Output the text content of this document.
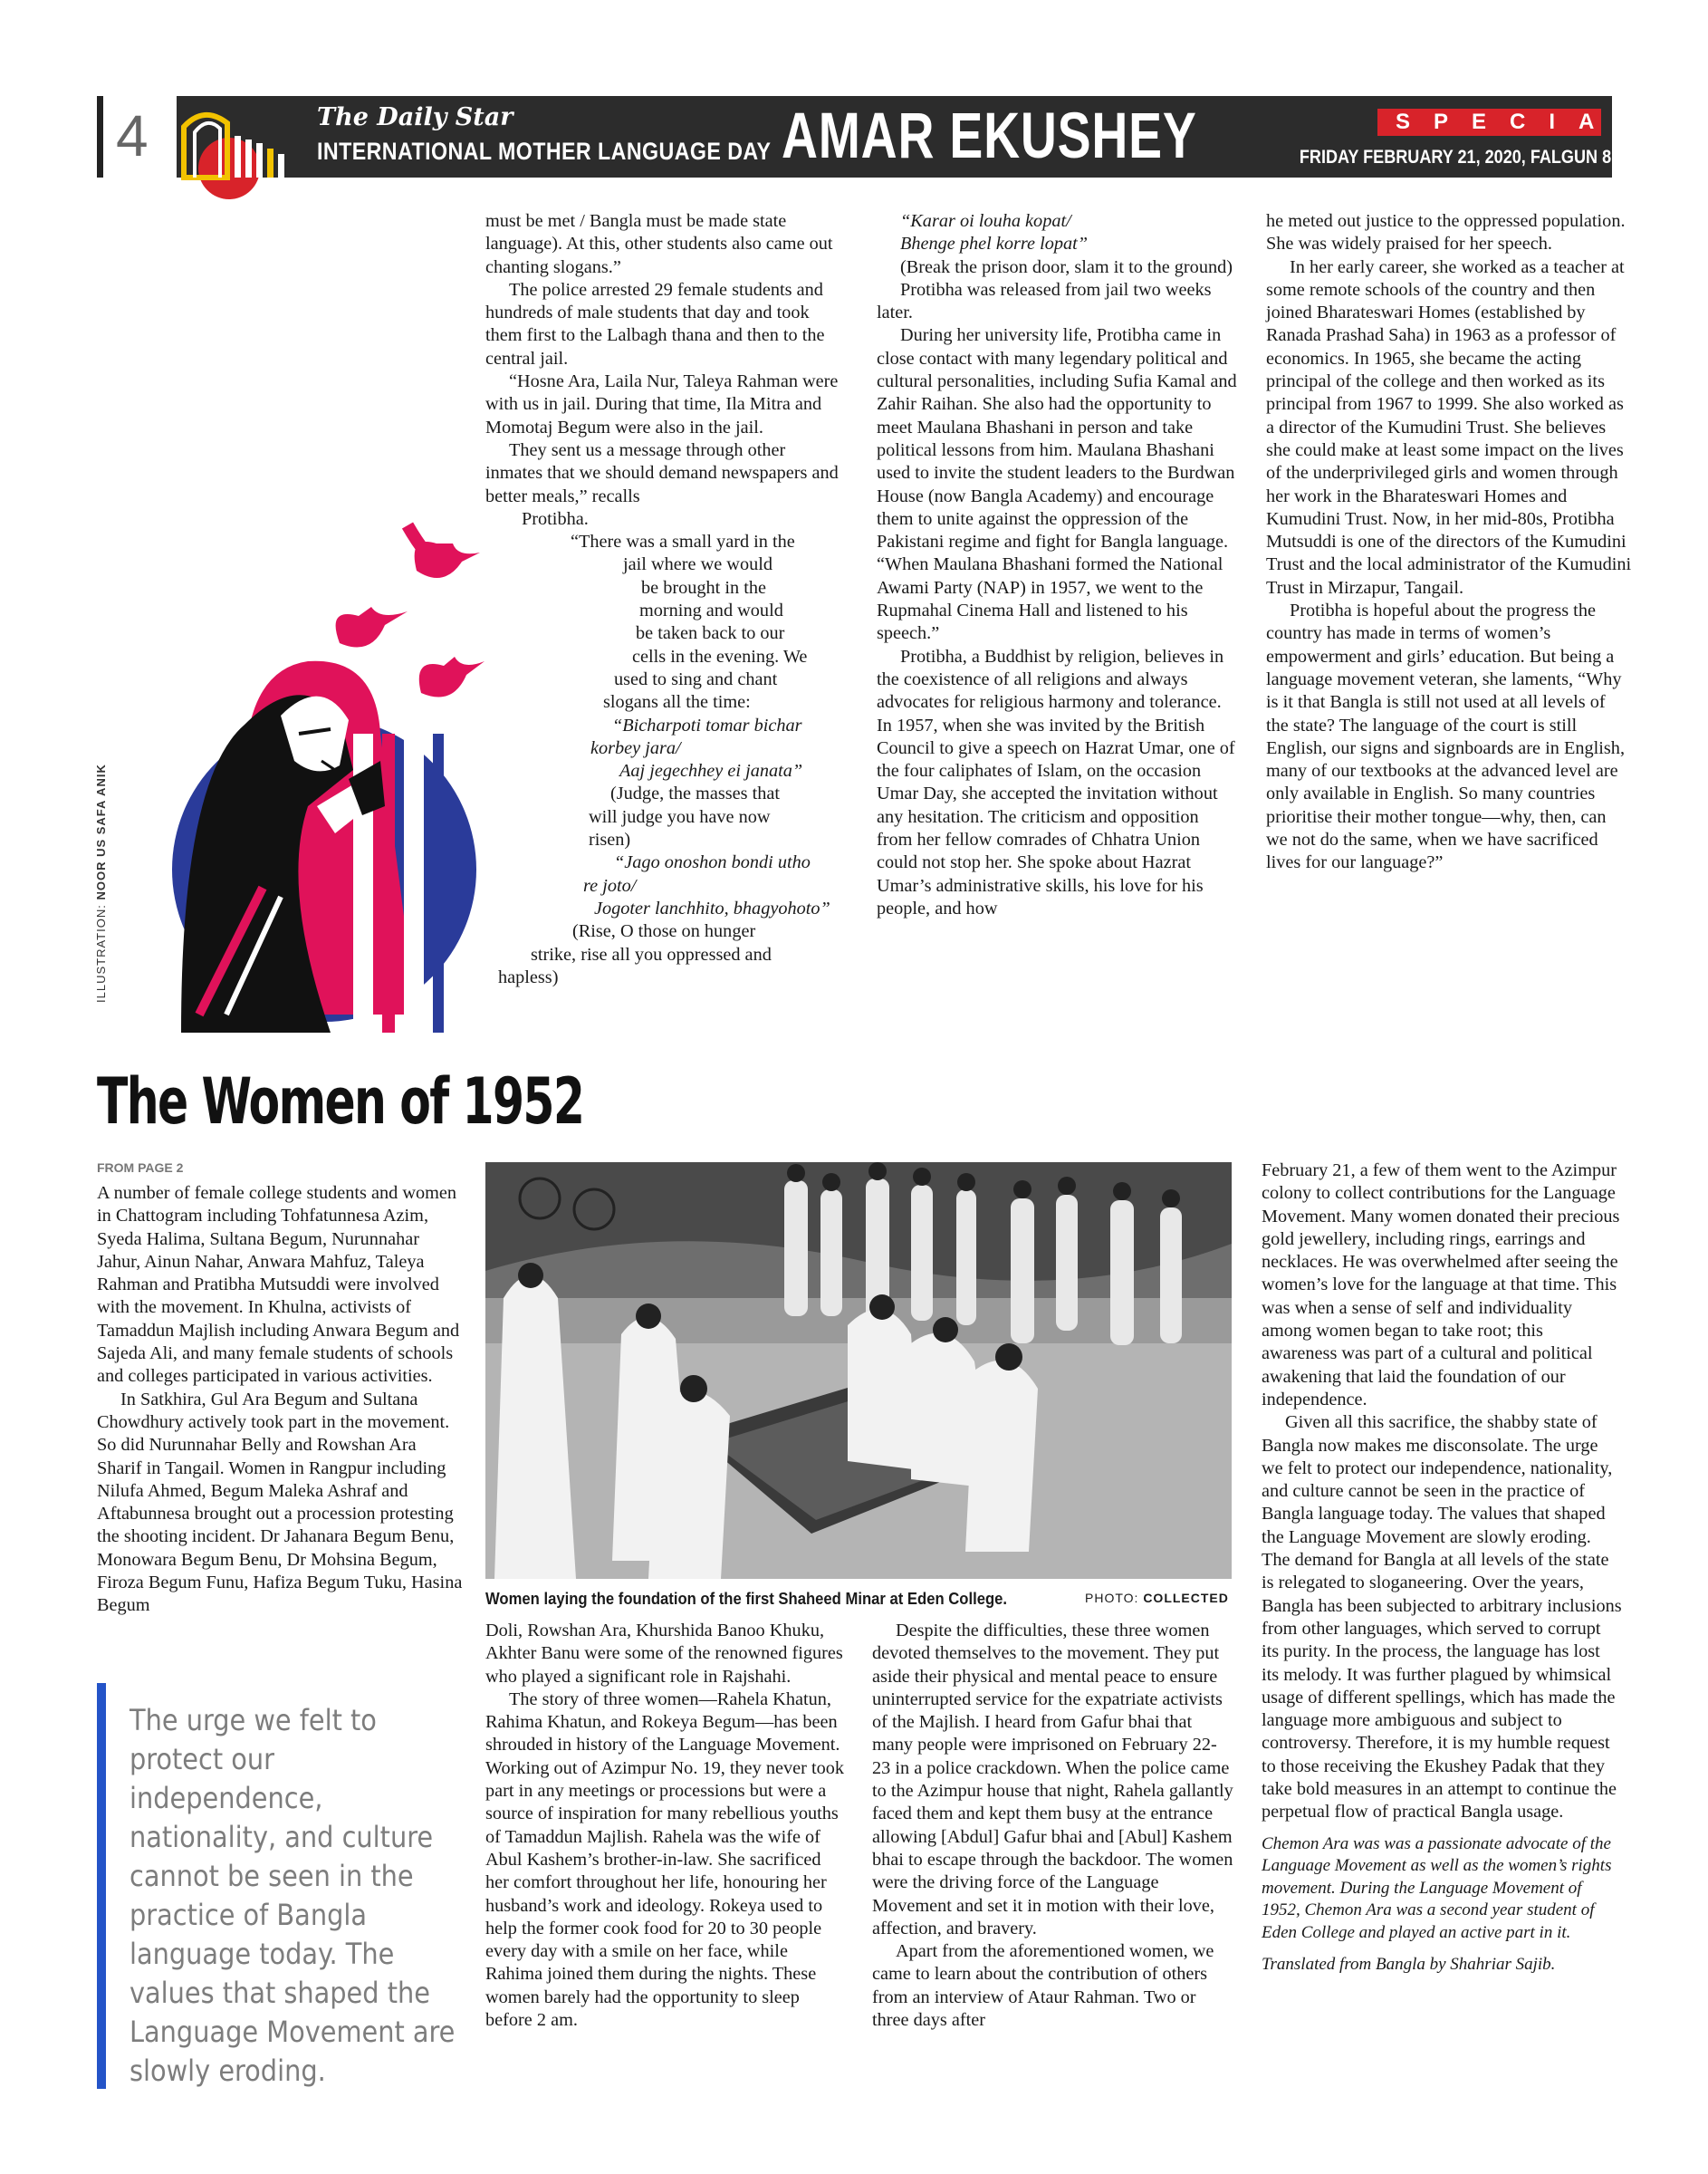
4	The Daily Star
INTERNATIONAL MOTHER LANGUAGE DAY AMAR EKUSHEY	SPECIAL
FRIDAY FEBRUARY 21, 2020, FALGUN 8, 1426 BS
ILLUSTRATION: NOOR US SAFA ANIK

must be met / Bangla must be made state language). At this, other students also came out chanting slogans.”

The police arrested 29 female students and hundreds of male students that day and took them first to the Lalbagh thana and then to the central jail.

“Hosne Ara, Laila Nur, Taleya Rahman were with us in jail. During that time, Ila Mitra and Momotaj Begum were also in the jail.

They sent us a message through other inmates that we should demand newspapers and better meals,” recalls

Protibha.

“There was a small yard in the

jail where we would

be brought in the

morning and would

be taken back to our

cells in the evening. We

used to sing and chant

slogans all the time:

“Bicharpoti tomar bichar

korbey jara/

Aaj jegechhey ei janata”

(Judge, the masses that

will judge you have now

risen)

“Jago onoshon bondi utho

re joto/

Jogoter lanchhito, bhagyohoto”

(Rise, O those on hunger

strike, rise all you oppressed and

hapless)

“Karar oi louha kopat/

Bhenge phel korre lopat”

(Break the prison door, slam it to the ground)

Protibha was released from jail two weeks later.

During her university life, Protibha came in close contact with many legendary political and cultural personalities, including Sufia Kamal and Zahir Raihan. She also had the opportunity to meet Maulana Bhashani in person and take political lessons from him. Maulana Bhashani used to invite the student leaders to the Burdwan House (now Bangla Academy) and encourage them to unite against the oppression of the Pakistani regime and fight for Bangla language. “When Maulana Bhashani formed the National Awami Party (NAP) in 1957, we went to the Rupmahal Cinema Hall and listened to his speech.”

Protibha, a Buddhist by religion, believes in the coexistence of all religions and always advocates for religious harmony and tolerance. In 1957, when she was invited by the British Council to give a speech on Hazrat Umar, one of the four caliphates of Islam, on the occasion Umar Day, she accepted the invitation without any hesitation. The criticism and opposition from her fellow comrades of Chhatra Union could not stop her. She spoke about Hazrat Umar’s administrative skills, his love for his people, and how

he meted out justice to the oppressed population. She was widely praised for her speech.

In her early career, she worked as a teacher at some remote schools of the country and then joined Bharateswari Homes (established by Ranada Prashad Saha) in 1963 as a professor of economics. In 1965, she became the acting principal of the college and then worked as its principal from 1967 to 1999. She also worked as a director of the Kumudini Trust. She believes she could make at least some impact on the lives of the underprivileged girls and women through her work in the Bharateswari Homes and Kumudini Trust. Now, in her mid-80s, Protibha Mutsuddi is one of the directors of the Kumudini Trust and the local administrator of the Kumudini Trust in Mirzapur, Tangail.

Protibha is hopeful about the progress the country has made in terms of women’s empowerment and girls’ education. But being a language movement veteran, she laments, “Why is it that Bangla is still not used at all levels of the state? The language of the court is still English, our signs and signboards are in English, many of our textbooks at the advanced level are only available in English. So many countries prioritise their mother tongue—why, then, can we not do the same, when we have sacrificed lives for our language?”

The Women of 1952
FROM PAGE 2

A number of female college students and women in Chattogram including Tohfatunnesa Azim, Syeda Halima, Sultana Begum, Nurunnahar Jahur, Ainun Nahar, Anwara Mahfuz, Taleya Rahman and Pratibha Mutsuddi were involved with the movement. In Khulna, activists of Tamaddun Majlish including Anwara Begum and Sajeda Ali, and many female students of schools and colleges participated in various activities.

In Satkhira, Gul Ara Begum and Sultana Chowdhury actively took part in the movement. So did Nurunnahar Belly and Rowshan Ara Sharif in Tangail. Women in Rangpur including Nilufa Ahmed, Begum Maleka Ashraf and Aftabunnesa brought out a procession protesting the shooting incident. Dr Jahanara Begum Benu, Monowara Begum Benu, Dr Mohsina Begum, Firoza Begum Funu, Hafiza Begum Tuku, Hasina Begum	Women laying the foundation of the first Shaheed Minar at Eden College.	PHOTO: COLLECTED

Doli, Rowshan Ara, Khurshida Banoo Khuku, Akhter Banu were some of the renowned figures who played a significant role in Rajshahi.

The story of three women—Rahela Khatun, Rahima Khatun, and Rokeya Begum—has been shrouded in history of the Language Movement. Working out of Azimpur No. 19, they never took part in any meetings or processions but were a source of inspiration for many rebellious youths of Tamaddun Majlish. Rahela was the wife of Abul Kashem’s brother-in-law. She sacrificed her comfort throughout her life, honouring her husband’s work and ideology. Rokeya used to help the former cook food for 20 to 30 people every day with a smile on her face, while Rahima joined them during the nights. These women barely had the opportunity to sleep before 2 am.

Despite the difficulties, these three women devoted themselves to the movement. They put aside their physical and mental peace to ensure uninterrupted service for the expatriate activists of the Majlish. I heard from Gafur bhai that many people were imprisoned on February 22-23 in a police crackdown. When the police came to the Azimpur house that night, Rahela gallantly faced them and kept them busy at the entrance allowing [Abdul] Gafur bhai and [Abul] Kashem bhai to escape through the backdoor. The women were the driving force of the Language Movement and set it in motion with their love, affection, and bravery.

Apart from the aforementioned women, we came to learn about the contribution of others from an interview of Ataur Rahman. Two or three days after

February 21, a few of them went to the Azimpur colony to collect contributions for the Language Movement. Many women donated their precious gold jewellery, including rings, earrings and necklaces. He was overwhelmed after seeing the women’s love for the language at that time. This was when a sense of self and individuality among women began to take root; this awareness was part of a cultural and political awakening that laid the foundation of our independence.

Given all this sacrifice, the shabby state of Bangla now makes me disconsolate. The urge we felt to protect our independence, nationality, and culture cannot be seen in the practice of Bangla language today. The values that shaped the Language Movement are slowly eroding. The demand for Bangla at all levels of the state is relegated to sloganeering. Over the years, Bangla has been subjected to arbitrary inclusions from other languages, which served to corrupt its purity. In the process, the language has lost its melody. It was further plagued by whimsical usage of different spellings, which has made the language more ambiguous and subject to controversy. Therefore, it is my humble request to those receiving the Ekushey Padak that they take bold measures in an attempt to continue the perpetual flow of practical Bangla usage.

Chemon Ara was was a passionate advocate of the Language Movement as well as the women’s rights movement. During the Language Movement of 1952, Chemon Ara was a second year student of Eden College and played an active part in it.

Translated from Bangla by Shahriar Sajib.

The urge we felt to protect our independence, nationality, and culture cannot be seen in the practice of Bangla language today. The values that shaped the Language Movement are slowly eroding.
